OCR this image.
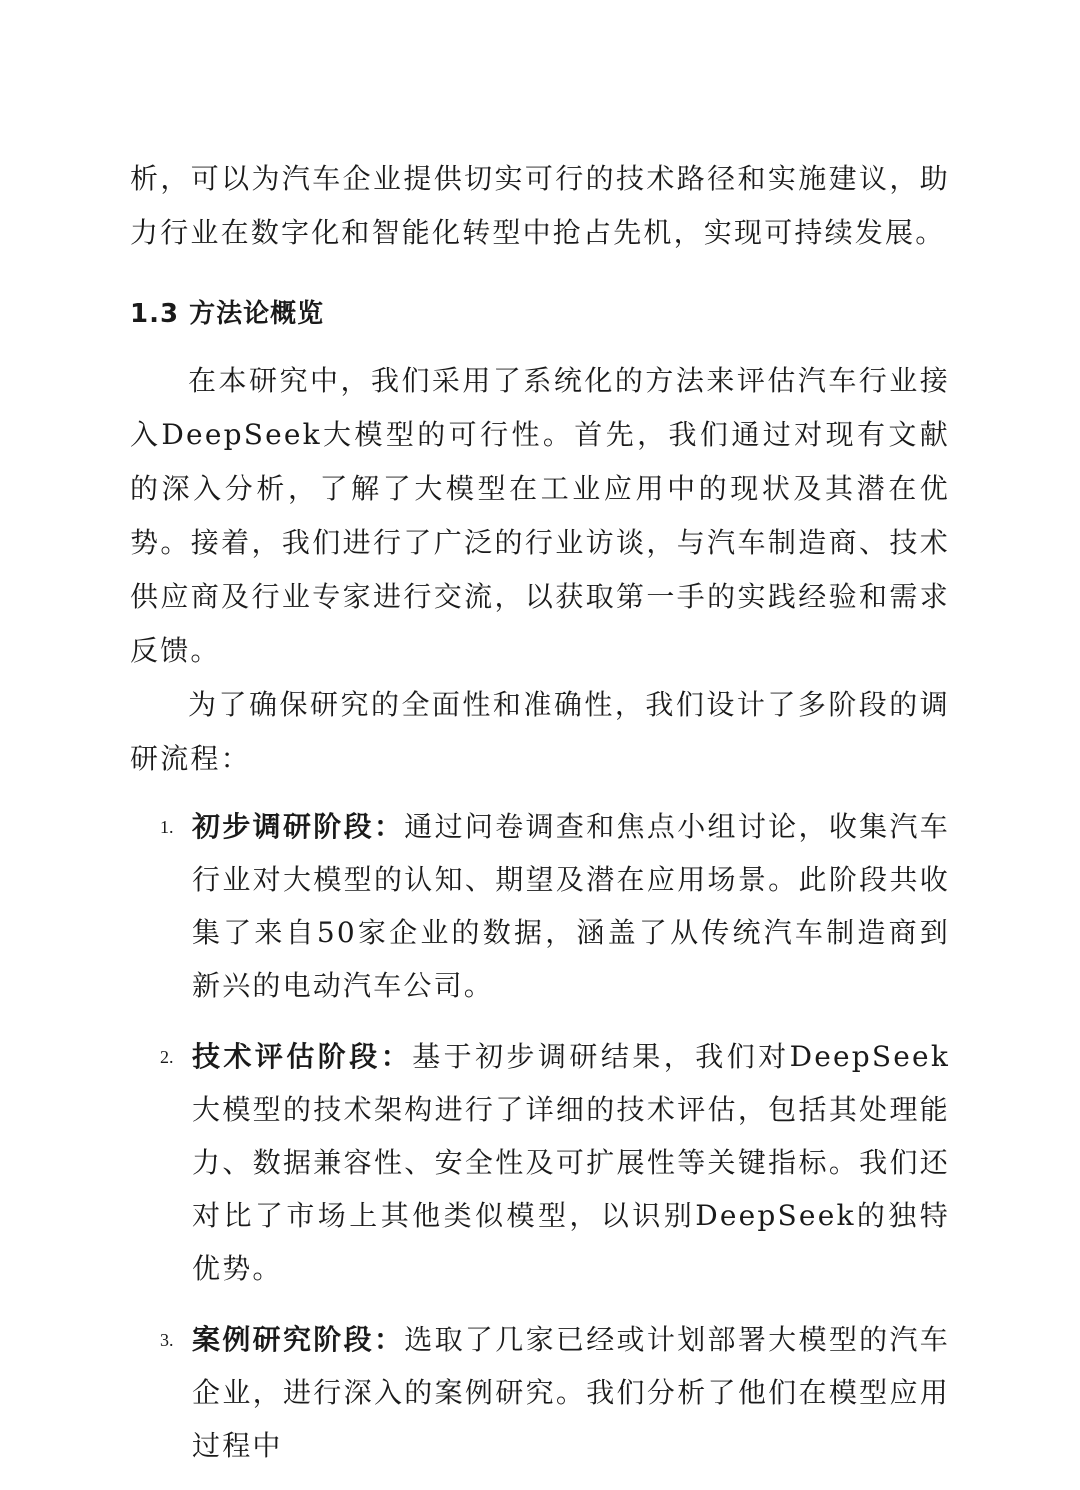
析，可以为汽车企业提供切实可行的技术路径和实施建议，助力行业在数字化和智能化转型中抢占先机，实现可持续发展。

1.3 方法论概览

在本研究中，我们采用了系统化的方法来评估汽车行业接入DeepSeek大模型的可行性。首先，我们通过对现有文献的深入分析，了解了大模型在工业应用中的现状及其潜在优势。接着，我们进行了广泛的行业访谈，与汽车制造商、技术供应商及行业专家进行交流，以获取第一手的实践经验和需求反馈。

为了确保研究的全面性和准确性，我们设计了多阶段的调研流程：

1. 初步调研阶段：通过问卷调查和焦点小组讨论，收集汽车行业对大模型的认知、期望及潜在应用场景。此阶段共收集了来自50家企业的数据，涵盖了从传统汽车制造商到新兴的电动汽车公司。
2. 技术评估阶段：基于初步调研结果，我们对DeepSeek大模型的技术架构进行了详细的技术评估，包括其处理能力、数据兼容性、安全性及可扩展性等关键指标。我们还对比了市场上其他类似模型，以识别DeepSeek的独特优势。
3. 案例研究阶段：选取了几家已经或计划部署大模型的汽车企业，进行深入的案例研究。我们分析了他们在模型应用过程中
